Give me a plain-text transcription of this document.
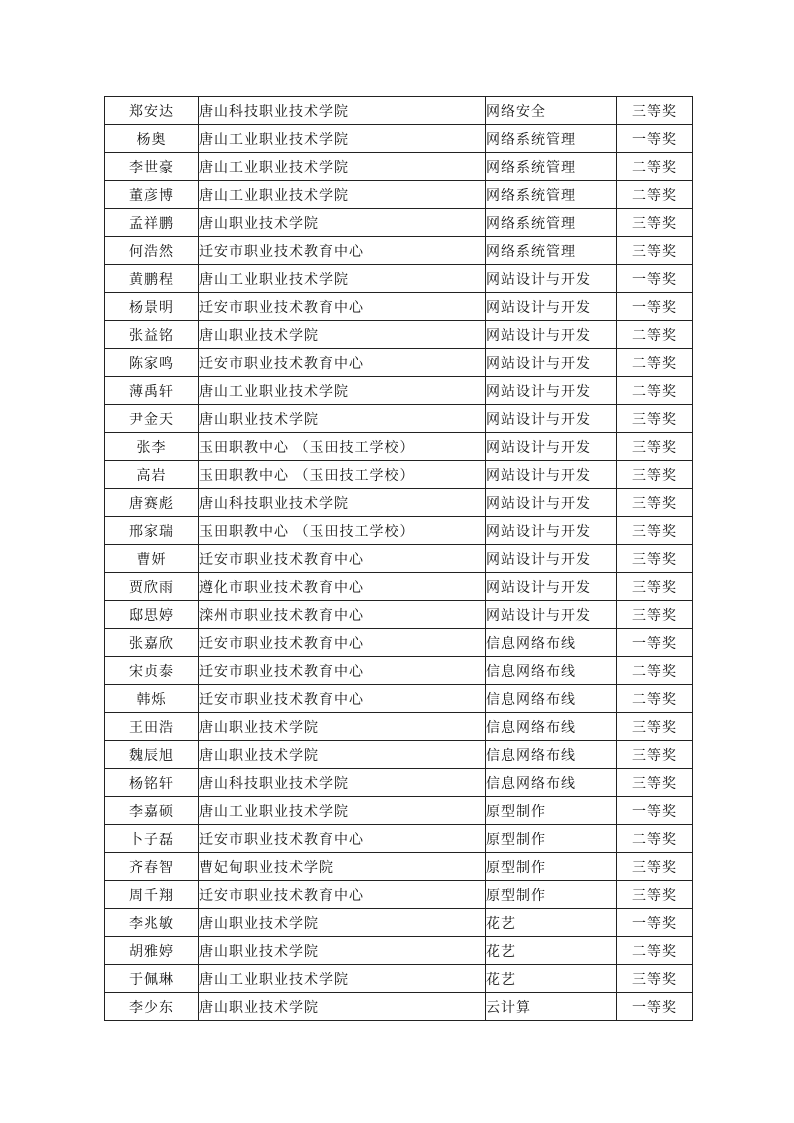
郑安达	唐山科技职业技术学院	网络安全	三等奖
杨奥	唐山工业职业技术学院	网络系统管理	一等奖
李世豪	唐山工业职业技术学院	网络系统管理	二等奖
董彦博	唐山工业职业技术学院	网络系统管理	二等奖
孟祥鹏	唐山职业技术学院	网络系统管理	三等奖
何浩然	迁安市职业技术教育中心	网络系统管理	三等奖
黄鹏程	唐山工业职业技术学院	网站设计与开发	一等奖
杨景明	迁安市职业技术教育中心	网站设计与开发	一等奖
张益铭	唐山职业技术学院	网站设计与开发	二等奖
陈家鸣	迁安市职业技术教育中心	网站设计与开发	二等奖
薄禹轩	唐山工业职业技术学院	网站设计与开发	二等奖
尹金天	唐山职业技术学院	网站设计与开发	三等奖
张李	玉田职教中心 （玉田技工学校）	网站设计与开发	三等奖
高岩	玉田职教中心 （玉田技工学校）	网站设计与开发	三等奖
唐赛彪	唐山科技职业技术学院	网站设计与开发	三等奖
邢家瑞	玉田职教中心 （玉田技工学校）	网站设计与开发	三等奖
曹妍	迁安市职业技术教育中心	网站设计与开发	三等奖
贾欣雨	遵化市职业技术教育中心	网站设计与开发	三等奖
邸思婷	滦州市职业技术教育中心	网站设计与开发	三等奖
张嘉欣	迁安市职业技术教育中心	信息网络布线	一等奖
宋贞泰	迁安市职业技术教育中心	信息网络布线	二等奖
韩烁	迁安市职业技术教育中心	信息网络布线	二等奖
王田浩	唐山职业技术学院	信息网络布线	三等奖
魏辰旭	唐山职业技术学院	信息网络布线	三等奖
杨铭轩	唐山科技职业技术学院	信息网络布线	三等奖
李嘉硕	唐山工业职业技术学院	原型制作	一等奖
卜子磊	迁安市职业技术教育中心	原型制作	二等奖
齐春智	曹妃甸职业技术学院	原型制作	三等奖
周千翔	迁安市职业技术教育中心	原型制作	三等奖
李兆敏	唐山职业技术学院	花艺	一等奖
胡雅婷	唐山职业技术学院	花艺	二等奖
于佩琳	唐山工业职业技术学院	花艺	三等奖
李少东	唐山职业技术学院	云计算	一等奖
